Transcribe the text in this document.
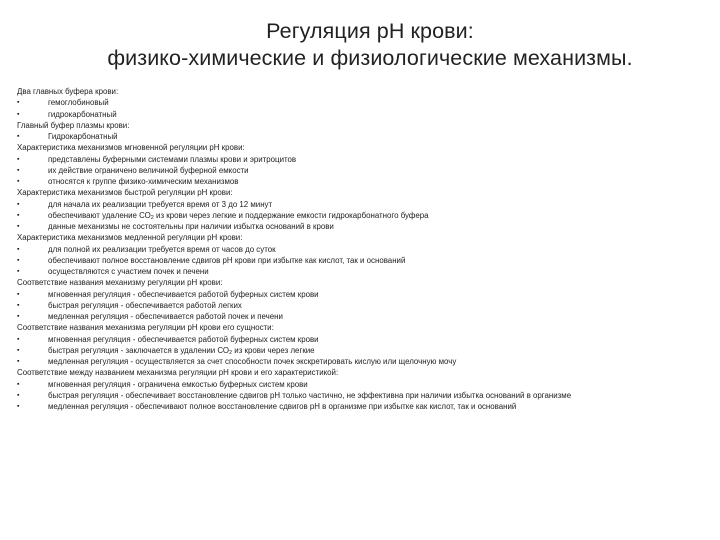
Регуляция рН крови:
физико-химические и физиологические механизмы.
Два главных буфера крови:
▪	гемоглобиновый
▪	гидрокарбонатный
Главный буфер плазмы крови:
▪	Гидрокарбонатный
Характеристика механизмов мгновенной регуляции рН крови:
▪	представлены буферными системами плазмы крови и эритроцитов
▪	их действие ограничено величиной буферной емкости
▪	относятся к группе физико-химическим механизмов
Характеристика механизмов быстрой регуляции рН крови:
▪	для начала их реализации требуется время от 3 до 12 минут
▪	обеспечивают удаление $СО_2$ из крови через легкие и поддержание емкости гидрокарбонатного буфера
▪	данные механизмы не состоятельны при наличии избытка оснований в крови
Характеристика механизмов медленной регуляции рН крови:
▪	для полной их реализации требуется время от часов до суток
▪	обеспечивают полное восстановление сдвигов рН крови при избытке как кислот, так и оснований
▪	осуществляются с участием почек и печени
Соответствие названия механизму регуляции рН крови:
▪	мгновенная регуляция - обеспечивается работой буферных систем крови
▪	быстрая регуляция - обеспечивается работой легких
▪	медленная регуляция - обеспечивается работой почек и печени
Соответствие названия механизма регуляции рН крови его сущности:
▪	мгновенная регуляция - обеспечивается работой буферных систем крови
▪	быстрая регуляция - заключается в удалении $СО_2$ из крови через легкие
▪	медленная регуляция - осуществляется за счет способности почек экскретировать кислую или щелочную мочу
Соответствие между названием механизма регуляции рН крови и его характеристикой:
▪	мгновенная регуляция - ограничена емкостью буферных систем крови
▪	быстрая регуляция - обеспечивает восстановление сдвигов рН только частично, не эффективна при наличии избытка оснований в организме
▪	медленная регуляция - обеспечивают полное восстановление сдвигов рН в организме при избытке как кислот, так и оснований
